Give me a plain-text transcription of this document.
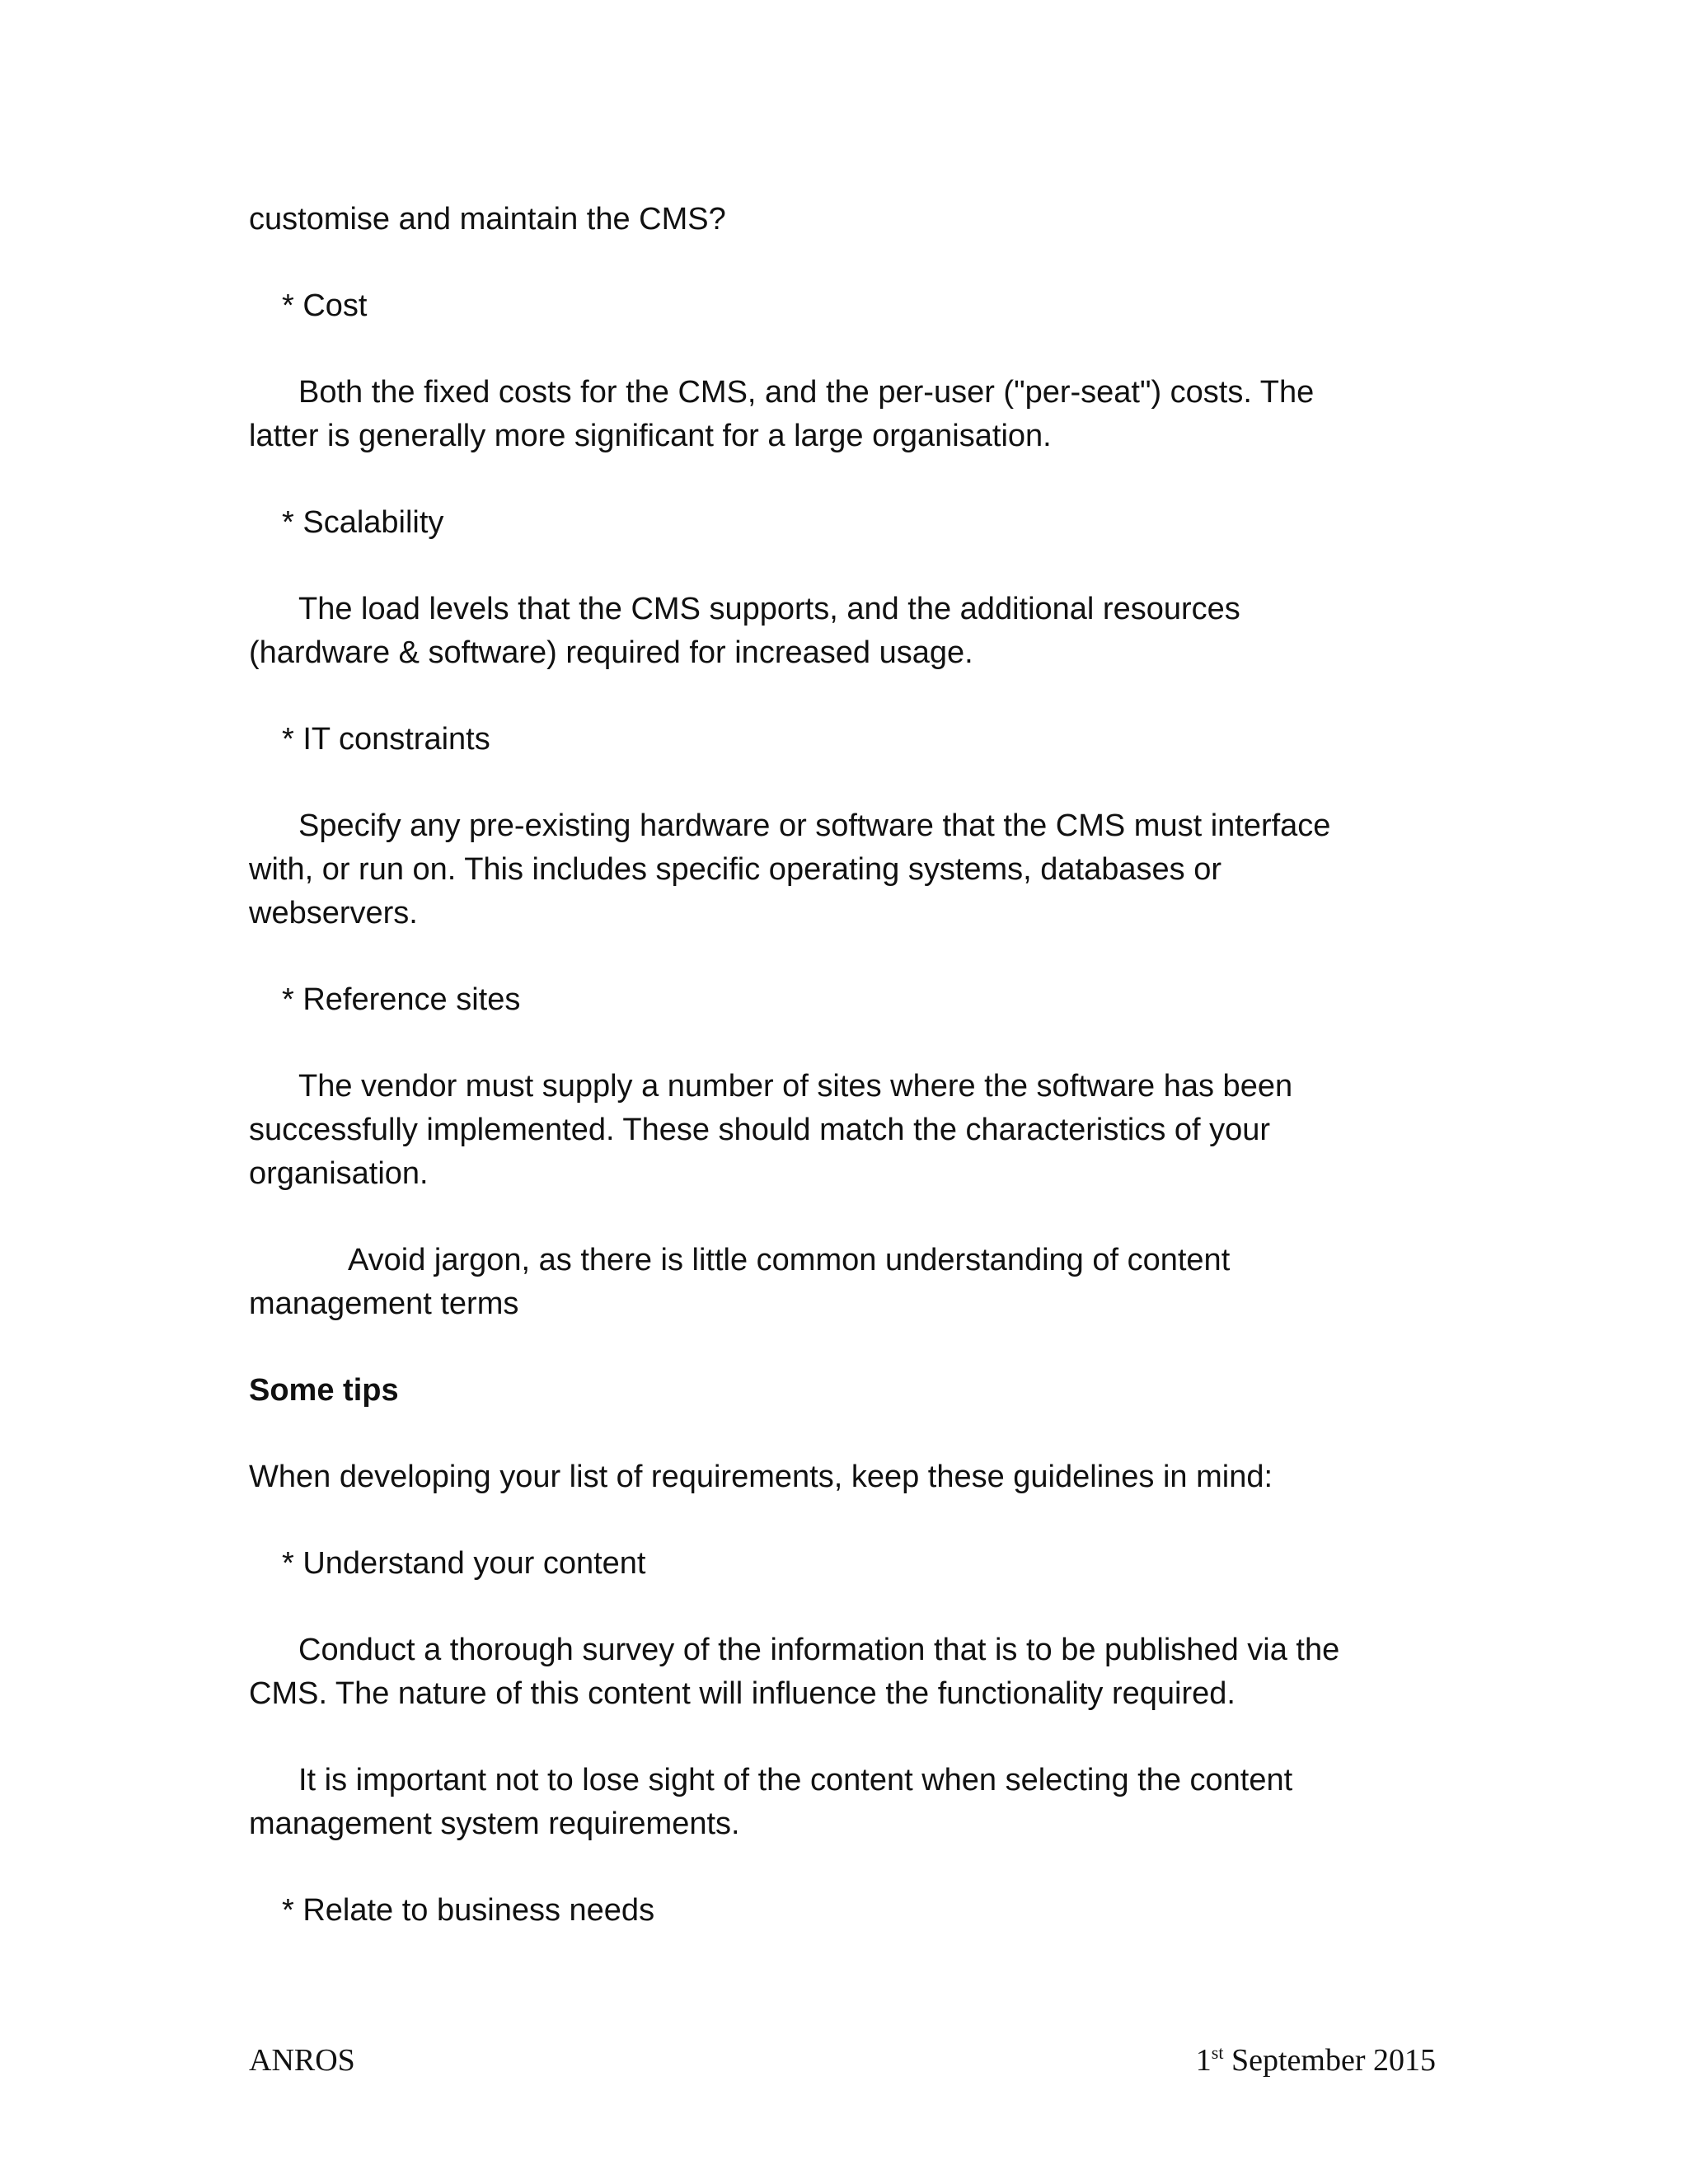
customise and maintain the CMS?
* Cost
Both the fixed costs for the CMS, and the per-user ("per-seat") costs. The
latter is generally more significant for a large organisation.
* Scalability
The load levels that the CMS supports, and the additional resources
(hardware & software) required for increased usage.
* IT constraints
Specify any pre-existing hardware or software that the CMS must interface
with, or run on. This includes specific operating systems, databases or
webservers.
* Reference sites
The vendor must supply a number of sites where the software has been
successfully implemented. These should match the characteristics of your
organisation.
Avoid jargon, as there is little common understanding of content
management terms
Some tips
When developing your list of requirements, keep these guidelines in mind:
* Understand your content
Conduct a thorough survey of the information that is to be published via the
CMS. The nature of this content will influence the functionality required.
It is important not to lose sight of the content when selecting the content
management system requirements.
* Relate to business needs
ANROS	1st September 2015
